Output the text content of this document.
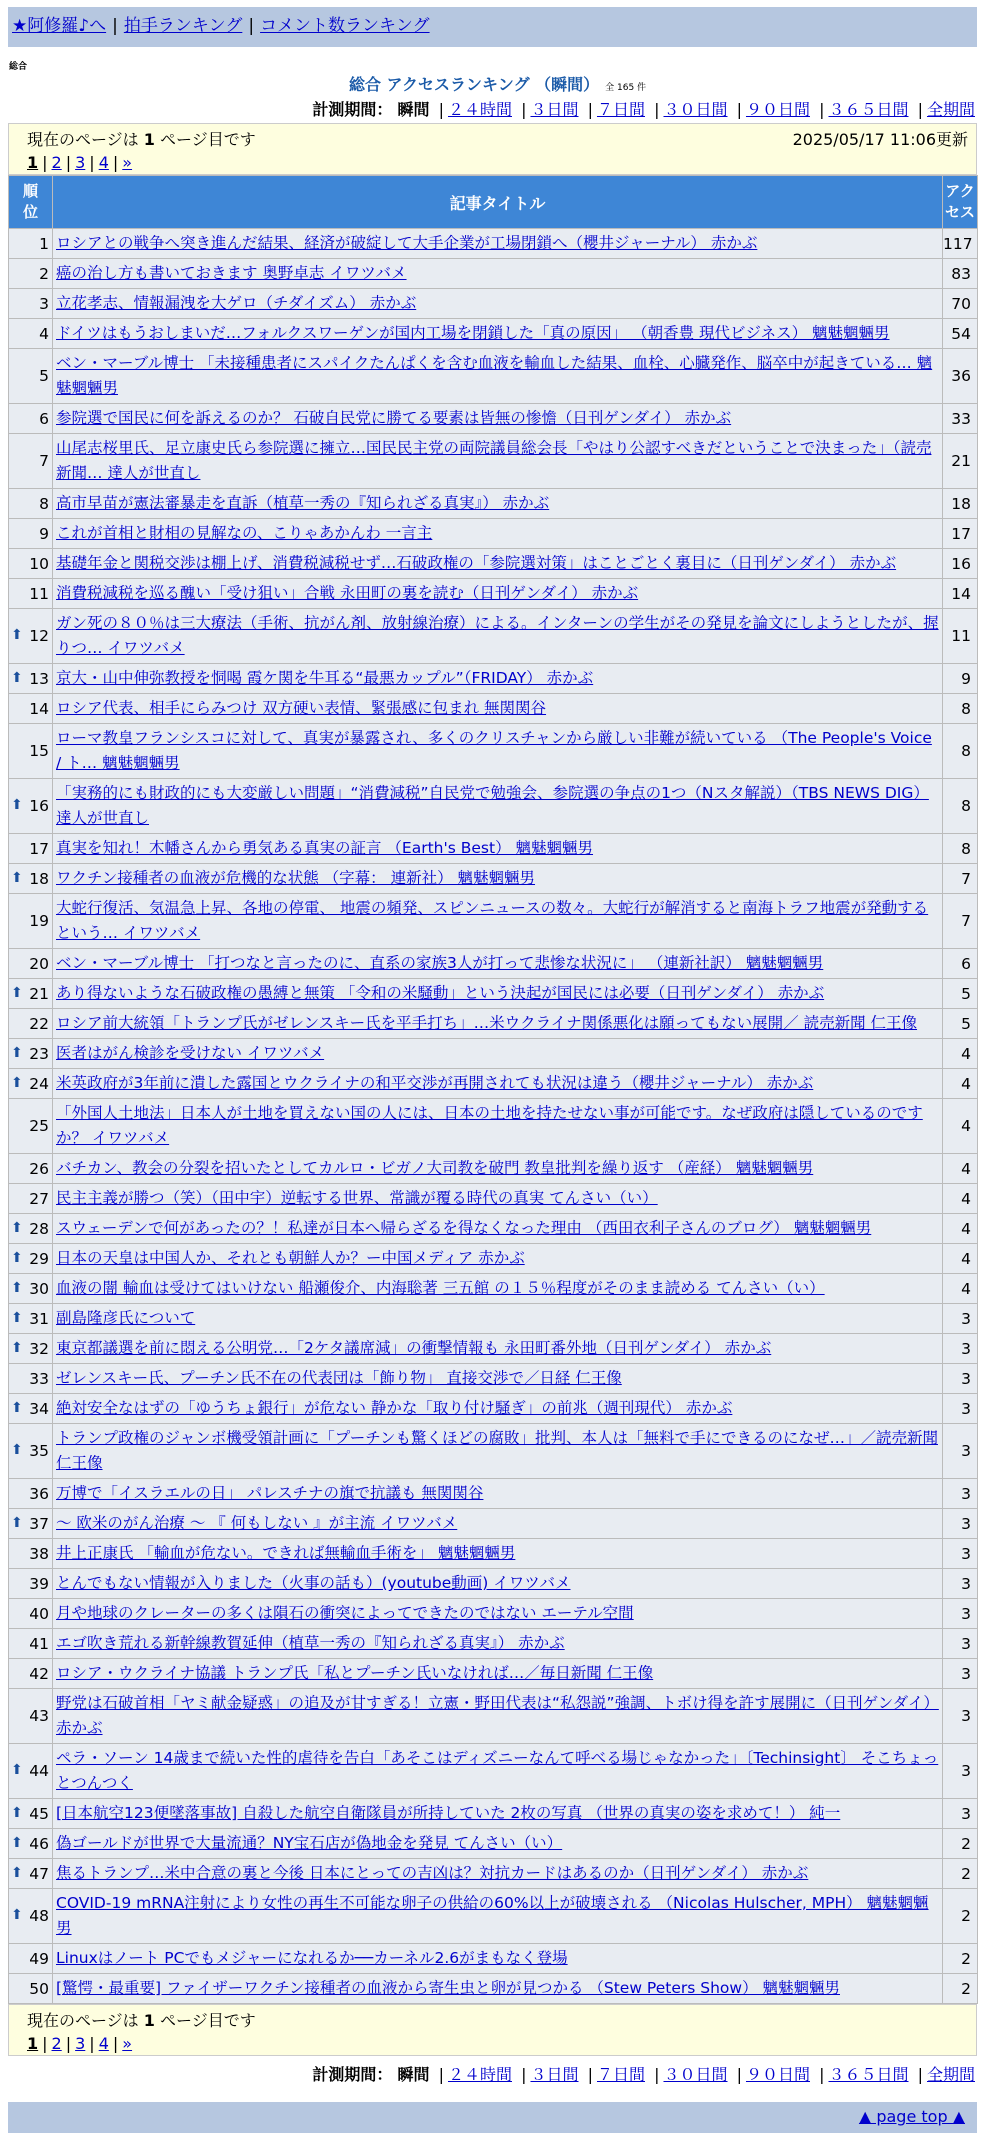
★阿修羅♪へ | 拍手ランキング | コメント数ランキング
総合
総合 アクセスランキング （瞬間） 全 165 件
計測期間： 瞬間 | ２４時間 | ３日間 | ７日間 | ３０日間 | ９０日間 | ３６５日間 | 全期間
現在のページは 1 ページ目です	2025/05/17 11:06更新
1 | 2 | 3 | 4 | »
順位	記事タイトル	アクセス
1	ロシアとの戦争へ突き進んだ結果、経済が破綻して大手企業が工場閉鎖へ（櫻井ジャーナル） 赤かぶ	117
2	癌の治し方も書いておきます 奥野卓志 イワツバメ	83
3	立花孝志、情報漏洩を大ゲロ（チダイズム） 赤かぶ	70
4	ドイツはもうおしまいだ…フォルクスワーゲンが国内工場を閉鎖した「真の原因」 （朝香豊 現代ビジネス） 魑魅魍魎男	54
5	ベン・マーブル博士 「未接種患者にスパイクたんぱくを含む血液を輸血した結果、血栓、心臓発作、脳卒中が起きている… 魑魅魍魎男	36
6	参院選で国民に何を訴えるのか？ 石破自民党に勝てる要素は皆無の惨憺（日刊ゲンダイ） 赤かぶ	33
7	山尾志桜里氏、足立康史氏ら参院選に擁立…国民民主党の両院議員総会長「やはり公認すべきだということで決まった」（読売新聞… 達人が世直し	21
8	高市早苗が憲法審暴走を直訴（植草一秀の『知られざる真実』） 赤かぶ	18
9	これが首相と財相の見解なの、こりゃあかんわ 一言主	17
10	基礎年金と関税交渉は棚上げ、消費税減税せず…石破政権の「参院選対策」はことごとく裏目に（日刊ゲンダイ） 赤かぶ	16
11	消費税減税を巡る醜い「受け狙い」合戦 永田町の裏を読む（日刊ゲンダイ） 赤かぶ	14

⬆ 12	ガン死の８０％は三大療法（手術、抗がん剤、放射線治療）による。インターンの学生がその発見を論文にしようとしたが、握りつ… イワツバメ	11

⬆ 13	京大・山中伸弥教授を恫喝 霞ケ関を牛耳る“最悪カップル”（FRIDAY） 赤かぶ	9
14	ロシア代表、相手にらみつけ 双方硬い表情、緊張感に包まれ 無関関谷	8
15	ローマ教皇フランシスコに対して、真実が暴露され、多くのクリスチャンから厳しい非難が続いている （The People's Voice / ト… 魑魅魍魎男	8

⬆ 16	「実務的にも財政的にも大変厳しい問題」“消費減税”自民党で勉強会、参院選の争点の1つ（Nスタ解説）（TBS NEWS DIG） 達人が世直し	8
17	真実を知れ！木幡さんから勇気ある真実の証言 （Earth's Best） 魑魅魍魎男	8

⬆ 18	ワクチン接種者の血液が危機的な状態 （字幕： 連新社） 魑魅魍魎男	7
19	大蛇行復活、気温急上昇、各地の停電、 地震の頻発、スピンニュースの数々。大蛇行が解消すると南海トラフ地震が発動するという… イワツバメ	7
20	ベン・マーブル博士 「打つなと言ったのに、直系の家族3人が打って悲惨な状況に」 （連新社訳） 魑魅魍魎男	6

⬆ 21	あり得ないような石破政権の愚縛と無策 「令和の米騒動」という決起が国民には必要（日刊ゲンダイ） 赤かぶ	5
22	ロシア前大統領「トランプ氏がゼレンスキー氏を平手打ち」…米ウクライナ関係悪化は願ってもない展開／ 読売新聞 仁王像	5

⬆ 23	医者はがん検診を受けない イワツバメ	4

⬆ 24	米英政府が3年前に潰した露国とウクライナの和平交渉が再開されても状況は違う（櫻井ジャーナル） 赤かぶ	4
25	「外国人土地法」日本人が土地を買えない国の人には、日本の土地を持たせない事が可能です。なぜ政府は隠しているのですか？ イワツバメ	4
26	バチカン、教会の分裂を招いたとしてカルロ・ビガノ大司教を破門 教皇批判を繰り返す （産経） 魑魅魍魎男	4
27	民主主義が勝つ（笑）（田中宇）逆転する世界、常識が覆る時代の真実 てんさい（い）	4

⬆ 28	スウェーデンで何があったの？！私達が日本へ帰らざるを得なくなった理由 （西田衣利子さんのブログ） 魑魅魍魎男	4

⬆ 29	日本の天皇は中国人か、それとも朝鮮人か？ー中国メディア 赤かぶ	4

⬆ 30	血液の闇 輸血は受けてはいけない 船瀬俊介、内海聡著 三五館 の１５％程度がそのまま読める てんさい（い）	4

⬆ 31	副島隆彦氏について	3

⬆ 32	東京都議選を前に悶える公明党…「2ケタ議席減」の衝撃情報も 永田町番外地（日刊ゲンダイ） 赤かぶ	3
33	ゼレンスキー氏、プーチン氏不在の代表団は「飾り物」 直接交渉で／日経 仁王像	3

⬆ 34	絶対安全なはずの「ゆうちょ銀行」が危ない 静かな「取り付け騒ぎ」の前兆（週刊現代） 赤かぶ	3

⬆ 35	トランプ政権のジャンボ機受領計画に「プーチンも驚くほどの腐敗」批判、本人は「無料で手にできるのになぜ…」／読売新聞 仁王像	3
36	万博で「イスラエルの日」 パレスチナの旗で抗議も 無関関谷	3

⬆ 37	〜 欧米のがん治療 〜 『 何もしない 』が主流 イワツバメ	3
38	井上正康氏 「輸血が危ない。できれば無輸血手術を」 魑魅魍魎男	3
39	とんでもない情報が入りました（火事の話も）(youtube動画) イワツバメ	3
40	月や地球のクレーターの多くは隕石の衝突によってできたのではない エーテル空間	3
41	エゴ吹き荒れる新幹線教賀延伸（植草一秀の『知られざる真実』） 赤かぶ	3
42	ロシア・ウクライナ協議 トランプ氏「私とプーチン氏いなければ…／毎日新聞 仁王像	3
43	野党は石破首相「ヤミ献金疑惑」の追及が甘すぎる！立憲・野田代表は“私怨説”強調、トボけ得を許す展開に（日刊ゲンダイ） 赤かぶ	3

⬆ 44	ペラ・ソーン 14歳まで続いた性的虐待を告白「あそこはディズニーなんて呼べる場じゃなかった」〔Techinsight〕 そこちょっとつんつく	3

⬆ 45	[日本航空123便墜落事故] 自殺した航空自衛隊員が所持していた 2枚の写真 （世界の真実の姿を求めて！） 純一	3

⬆ 46	偽ゴールドが世界で大量流通？NY宝石店が偽地金を発見 てんさい（い）	2

⬆ 47	焦るトランプ…米中合意の裏と今後 日本にとっての吉凶は？対抗カードはあるのか（日刊ゲンダイ） 赤かぶ	2

⬆ 48	COVID-19 mRNA注射により女性の再生不可能な卵子の供給の60%以上が破壊される （Nicolas Hulscher, MPH） 魑魅魍魎男	2
49	Linuxはノート PCでもメジャーになれるか──カーネル2.6がまもなく登場	2
50	[驚愕・最重要] ファイザーワクチン接種者の血液から寄生虫と卵が見つかる （Stew Peters Show） 魑魅魍魎男	2
現在のページは 1 ページ目です
1 | 2 | 3 | 4 | »
計測期間： 瞬間 | ２４時間 | ３日間 | ７日間 | ３０日間 | ９０日間 | ３６５日間 | 全期間
▲ page top ▲
